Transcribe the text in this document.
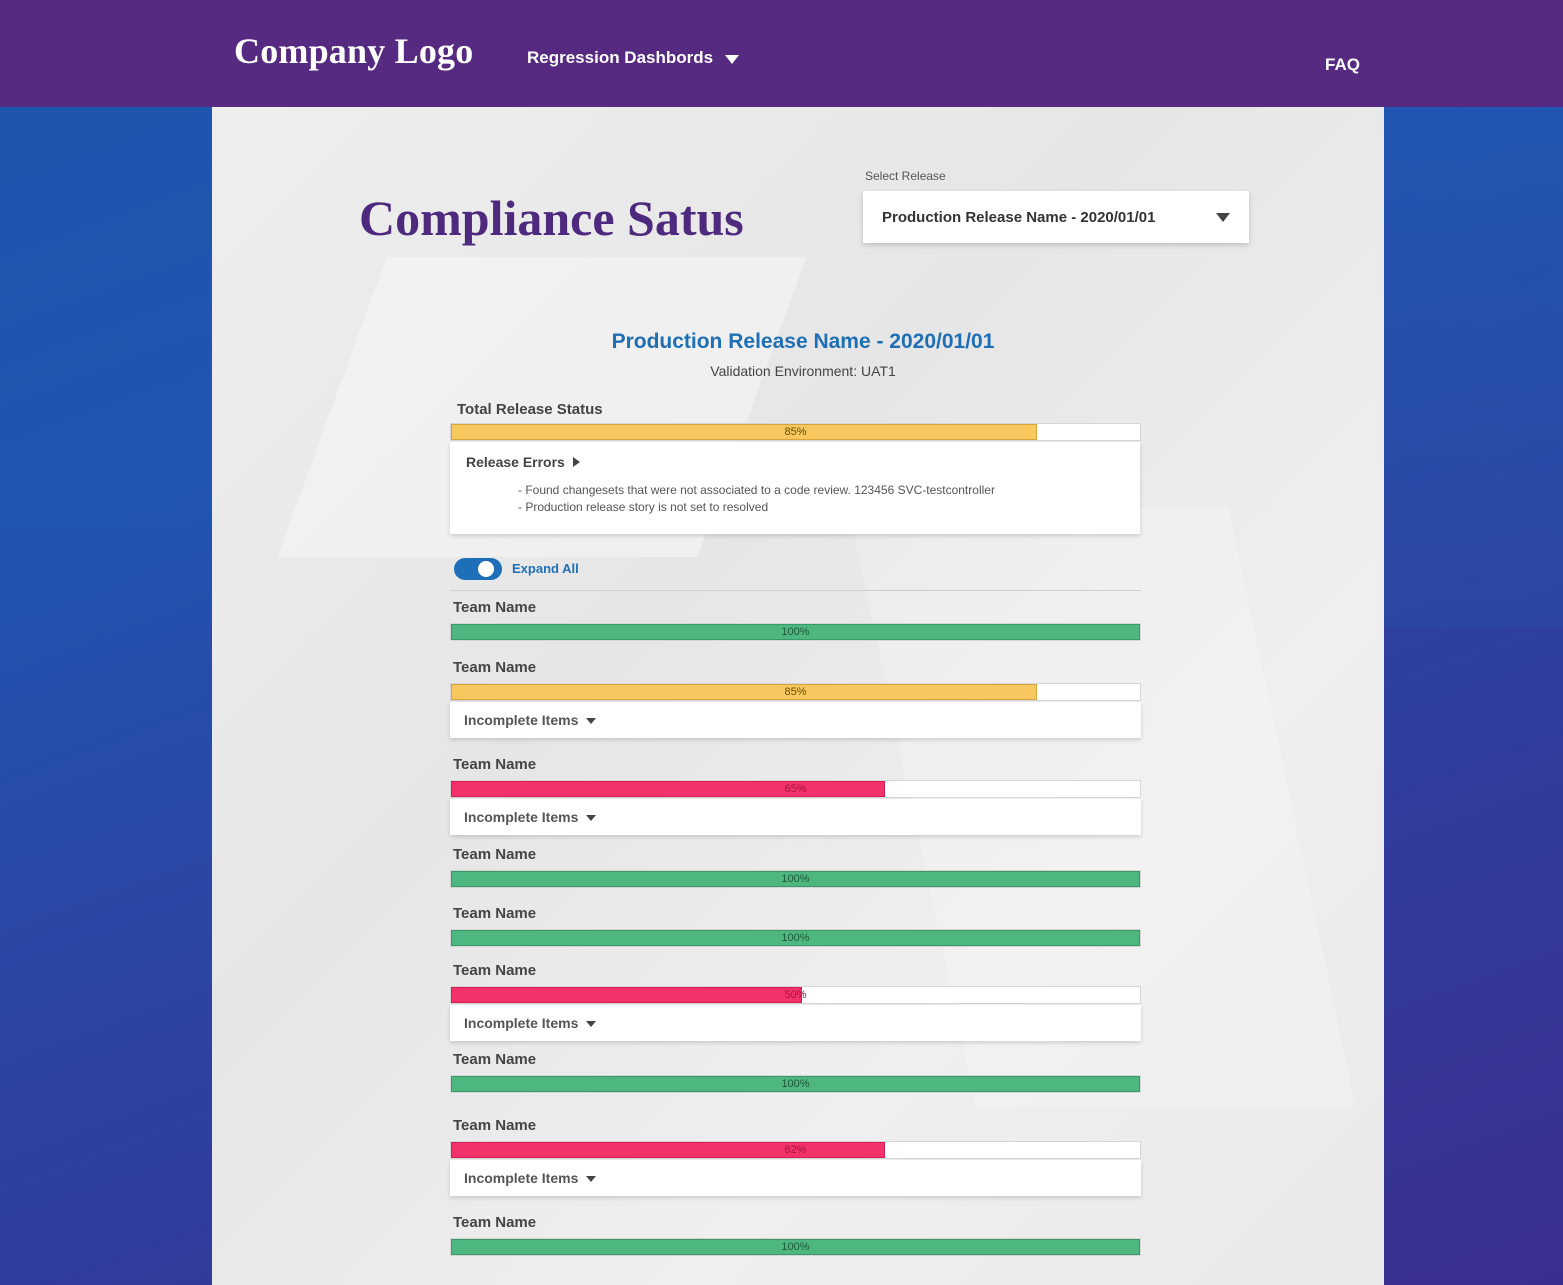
Company Logo	Regression Dashbords	FAQ
Compliance Satus
Select Release
Production Release Name - 2020/01/01
Production Release Name - 2020/01/01
Validation Environment: UAT1
Total Release Status
85%
Release Errors
- Found changesets that were not associated to a code review. 123456 SVC-testcontroller
- Production release story is not set to resolved
Expand All
Team Name
100%
Team Name
85%
Incomplete Items
Team Name
65%
Incomplete Items
Team Name
100%
Team Name
100%
Team Name
50%
Incomplete Items
Team Name
100%
Team Name
62%
Incomplete Items
Team Name
100%
